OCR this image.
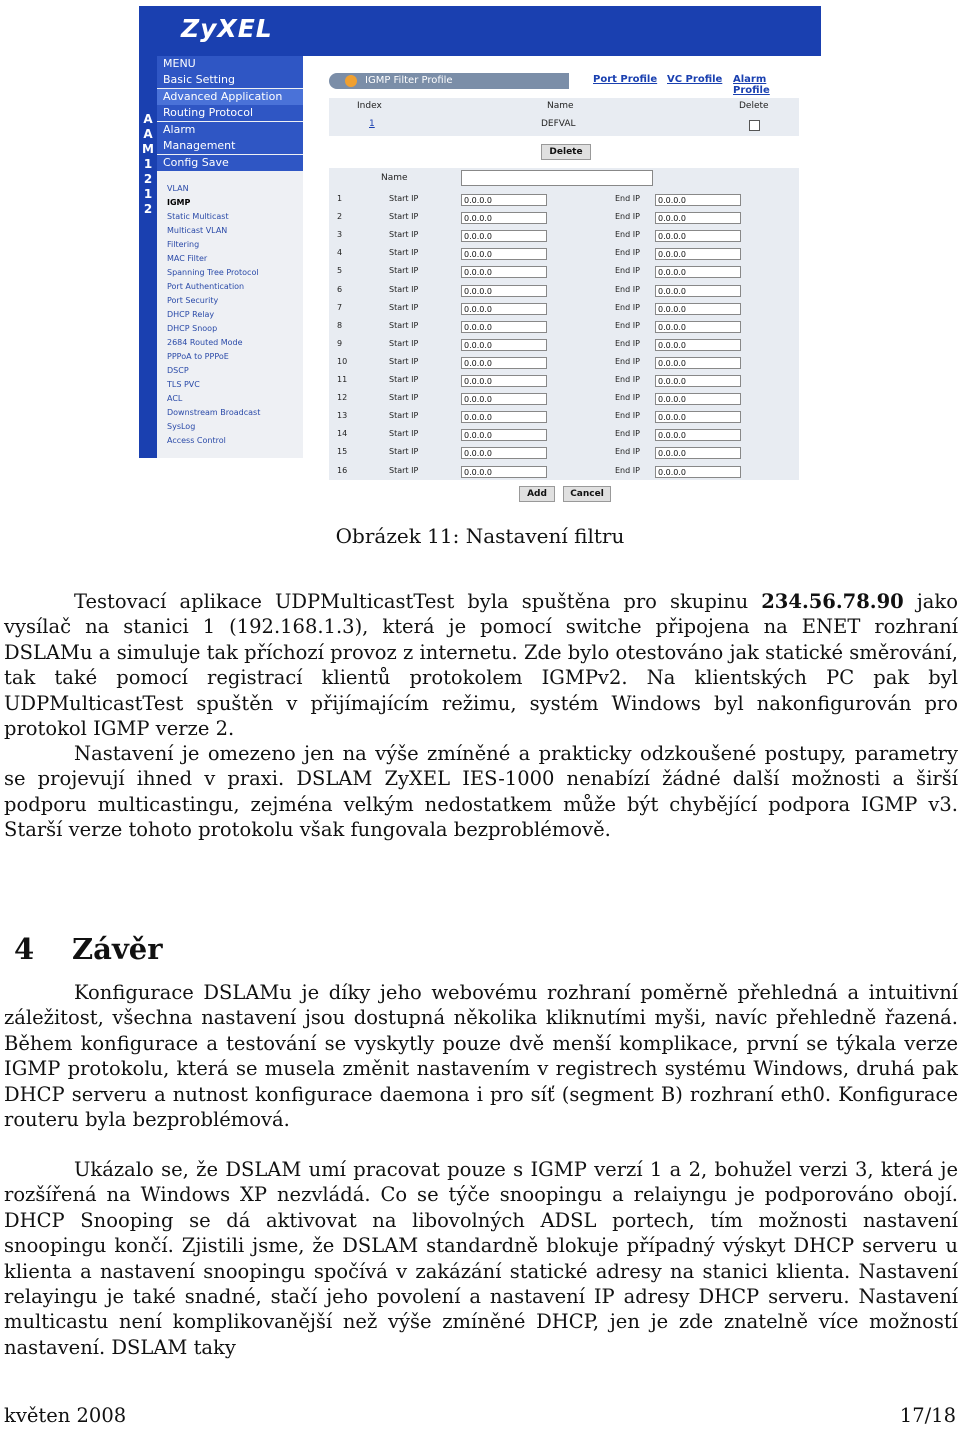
ZyXEL
AAM 1212
MENU
Basic Setting
Advanced Application
Routing Protocol
Alarm
Management
Config Save
VLAN
IGMP
Static Multicast
Multicast VLAN
Filtering
MAC Filter
Spanning Tree Protocol
Port Authentication
Port Security
DHCP Relay
DHCP Snoop
2684 Routed Mode
PPPoA to PPPoE
DSCP
TLS PVC
ACL
Downstream Broadcast
SysLog
Access Control
IGMP Filter Profile	Port Profile VC Profile Alarm Profile
Index	Name	Delete
1	DEFVAL
Delete
Name
1	Start IP	0.0.0.0	End IP	0.0.0.0
2	Start IP	0.0.0.0	End IP	0.0.0.0
3	Start IP	0.0.0.0	End IP	0.0.0.0
4	Start IP	0.0.0.0	End IP	0.0.0.0
5	Start IP	0.0.0.0	End IP	0.0.0.0
6	Start IP	0.0.0.0	End IP	0.0.0.0
7	Start IP	0.0.0.0	End IP	0.0.0.0
8	Start IP	0.0.0.0	End IP	0.0.0.0
9	Start IP	0.0.0.0	End IP	0.0.0.0
10	Start IP	0.0.0.0	End IP	0.0.0.0
11	Start IP	0.0.0.0	End IP	0.0.0.0
12	Start IP	0.0.0.0	End IP	0.0.0.0
13	Start IP	0.0.0.0	End IP	0.0.0.0
14	Start IP	0.0.0.0	End IP	0.0.0.0
15	Start IP	0.0.0.0	End IP	0.0.0.0
16	Start IP	0.0.0.0	End IP	0.0.0.0
Add	Cancel
Obrázek 11: Nastavení filtru

Testovací aplikace UDPMulticastTest byla spuštěna pro skupinu 234.56.78.90 jako vysílač na stanici 1 (192.168.1.3), která je pomocí switche připojena na ENET rozhraní DSLAMu a simuluje tak příchozí provoz z internetu. Zde bylo otestováno jak statické směrování, tak také pomocí registrací klientů protokolem IGMPv2. Na klientských PC pak byl UDPMulticastTest spuštěn v přijímajícím režimu, systém Windows byl nakonfigurován pro protokol IGMP verze 2.

Nastavení je omezeno jen na výše zmíněné a prakticky odzkoušené postupy, parametry se projevují ihned v praxi. DSLAM ZyXEL IES-1000 nenabízí žádné další možnosti a širší podporu multicastingu, zejména velkým nedostatkem může být chybějící podpora IGMP v3. Starší verze tohoto protokolu však fungovala bezproblémově.

4 Závěr

Konfigurace DSLAMu je díky jeho webovému rozhraní poměrně přehledná a intuitivní záležitost, všechna nastavení jsou dostupná několika kliknutími myši, navíc přehledně řazená. Během konfigurace a testování se vyskytly pouze dvě menší komplikace, první se týkala verze IGMP protokolu, která se musela změnit nastavením v registrech systému Windows, druhá pak DHCP serveru a nutnost konfigurace daemona i pro síť (segment B) rozhraní eth0. Konfigurace routeru byla bezproblémová.

Ukázalo se, že DSLAM umí pracovat pouze s IGMP verzí 1 a 2, bohužel verzi 3, která je rozšířená na Windows XP nezvládá. Co se týče snoopingu a relaiyngu je podporováno obojí. DHCP Snooping se dá aktivovat na libovolných ADSL portech, tím možnosti nastavení snoopingu končí. Zjistili jsme, že DSLAM standardně blokuje případný výskyt DHCP serveru u klienta a nastavení snoopingu spočívá v zakázání statické adresy na stanici klienta. Nastavení relayingu je také snadné, stačí jeho povolení a nastavení IP adresy DHCP serveru. Nastavení multicastu není komplikovanější než výše zmíněné DHCP, jen je zde znatelně více možností nastavení. DSLAM taky

květen 2008	17/18
